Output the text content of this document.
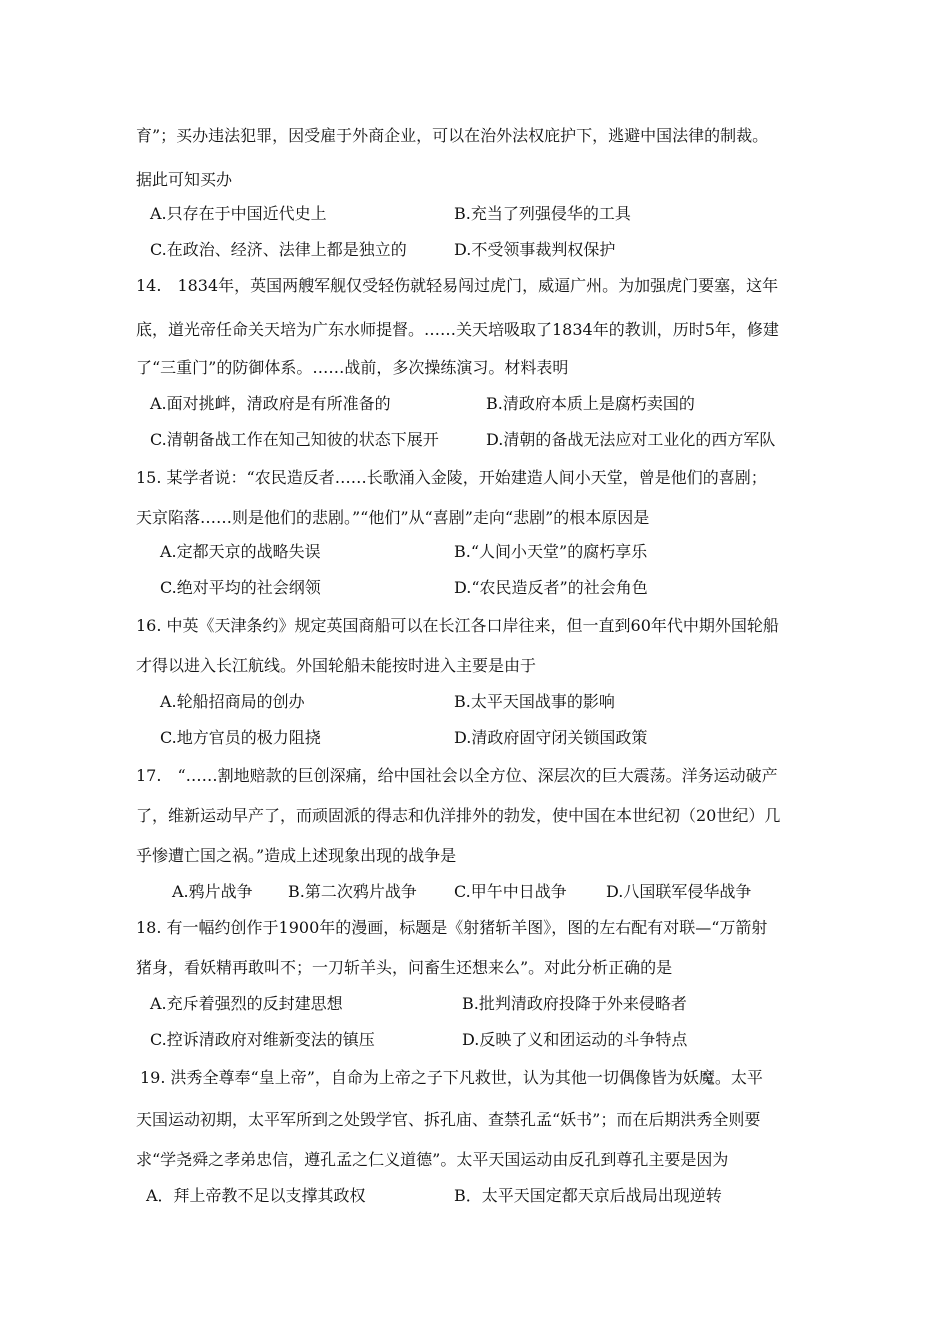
育”；买办违法犯罪，因受雇于外商企业，可以在治外法权庇护下，逃避中国法律的制裁。
据此可知买办
A.只存在于中国近代史上	B.充当了列强侵华的工具
C.在政治、经济、法律上都是独立的	D.不受领事裁判权保护
14.　1834年，英国两艘军舰仅受轻伤就轻易闯过虎门，威逼广州。为加强虎门要塞，这年
底，道光帝任命关天培为广东水师提督。……关天培吸取了1834年的教训，历时5年，修建
了“三重门”的防御体系。……战前，多次操练演习。材料表明
A.面对挑衅，清政府是有所准备的	B.清政府本质上是腐朽卖国的
C.清朝备战工作在知己知彼的状态下展开	D.清朝的备战无法应对工业化的西方军队
15. 某学者说：“农民造反者……长歌涌入金陵，开始建造人间小天堂，曾是他们的喜剧；
天京陷落……则是他们的悲剧。”“他们”从“喜剧”走向“悲剧”的根本原因是
A.定都天京的战略失误	B.“人间小天堂”的腐朽享乐
C.绝对平均的社会纲领	D.“农民造反者”的社会角色
16. 中英《天津条约》规定英国商船可以在长江各口岸往来，但一直到60年代中期外国轮船
才得以进入长江航线。外国轮船未能按时进入主要是由于
A.轮船招商局的创办	B.太平天国战事的影响
C.地方官员的极力阻挠	D.清政府固守闭关锁国政策
17.　“……割地赔款的巨创深痛，给中国社会以全方位、深层次的巨大震荡。洋务运动破产
了，维新运动早产了，而顽固派的得志和仇洋排外的勃发，使中国在本世纪初（20世纪）几
乎惨遭亡国之祸。”造成上述现象出现的战争是
A.鸦片战争 B.第二次鸦片战争 C.甲午中日战争 D.八国联军侵华战争
18. 有一幅约创作于1900年的漫画，标题是《射猪斩羊图》，图的左右配有对联—“万箭射
猪身，看妖精再敢叫不；一刀斩羊头，问畜生还想来么”。对此分析正确的是
A.充斥着强烈的反封建思想	B.批判清政府投降于外来侵略者
C.控诉清政府对维新变法的镇压	D.反映了义和团运动的斗争特点
19. 洪秀全尊奉“皇上帝”，自命为上帝之子下凡救世，认为其他一切偶像皆为妖魔。太平
天国运动初期，太平军所到之处毁学官、拆孔庙、查禁孔孟“妖书”；而在后期洪秀全则要
求“学尧舜之孝弟忠信，遵孔孟之仁义道德”。太平天国运动由反孔到尊孔主要是因为
A．拜上帝教不足以支撑其政权	B．太平天国定都天京后战局出现逆转
